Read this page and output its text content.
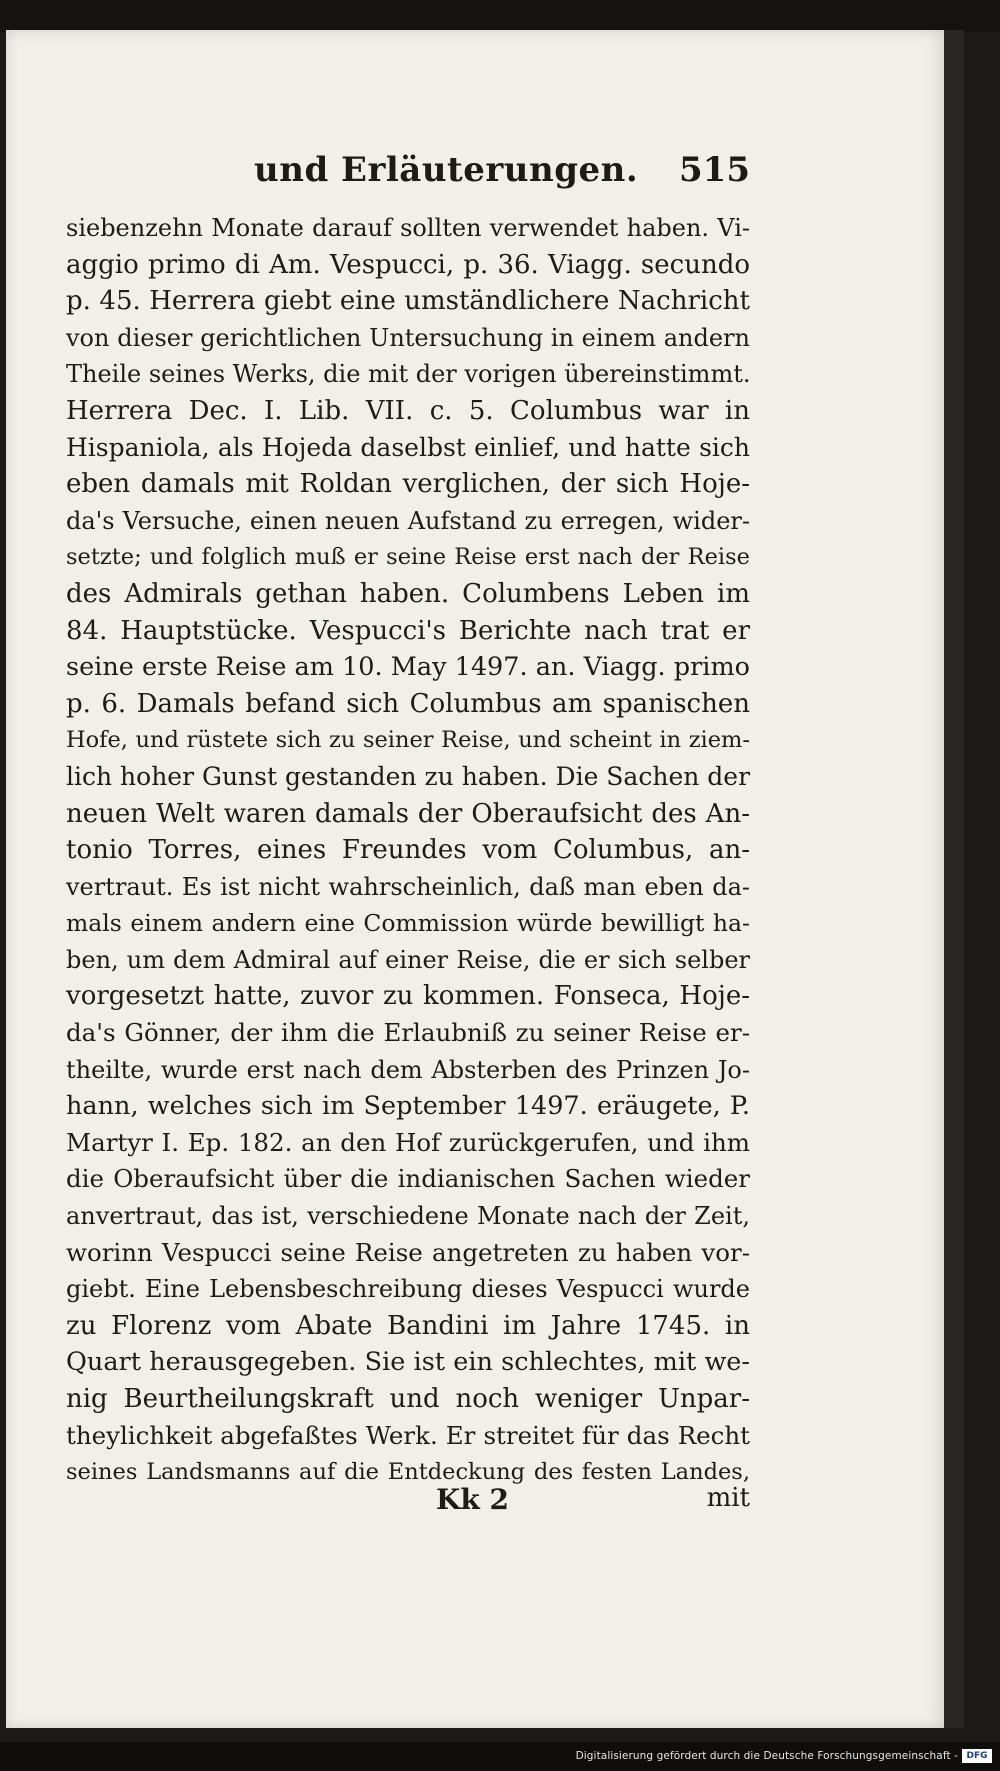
und Erläuterungen. 515
siebenzehn Monate darauf sollten verwendet haben. Vi-
aggio primo di Am. Vespucci, p. 36. Viagg. secundo
p. 45. Herrera giebt eine umständlichere Nachricht
von dieser gerichtlichen Untersuchung in einem andern
Theile seines Werks, die mit der vorigen übereinstimmt.
Herrera Dec. I. Lib. VII. c. 5. Columbus war in
Hispaniola, als Hojeda daselbst einlief, und hatte sich
eben damals mit Roldan verglichen, der sich Hoje-
da's Versuche, einen neuen Aufstand zu erregen, wider-
setzte; und folglich muß er seine Reise erst nach der Reise
des Admirals gethan haben. Columbens Leben im
84. Hauptstücke. Vespucci's Berichte nach trat er
seine erste Reise am 10. May 1497. an. Viagg. primo
p. 6. Damals befand sich Columbus am spanischen
Hofe, und rüstete sich zu seiner Reise, und scheint in ziem-
lich hoher Gunst gestanden zu haben. Die Sachen der
neuen Welt waren damals der Oberaufsicht des An-
tonio Torres, eines Freundes vom Columbus, an-
vertraut. Es ist nicht wahrscheinlich, daß man eben da-
mals einem andern eine Commission würde bewilligt ha-
ben, um dem Admiral auf einer Reise, die er sich selber
vorgesetzt hatte, zuvor zu kommen. Fonseca, Hoje-
da's Gönner, der ihm die Erlaubniß zu seiner Reise er-
theilte, wurde erst nach dem Absterben des Prinzen Jo-
hann, welches sich im September 1497. eräugete, P.
Martyr I. Ep. 182. an den Hof zurückgerufen, und ihm
die Oberaufsicht über die indianischen Sachen wieder
anvertraut, das ist, verschiedene Monate nach der Zeit,
worinn Vespucci seine Reise angetreten zu haben vor-
giebt. Eine Lebensbeschreibung dieses Vespucci wurde
zu Florenz vom Abate Bandini im Jahre 1745. in
Quart herausgegeben. Sie ist ein schlechtes, mit we-
nig Beurtheilungskraft und noch weniger Unpar-
theylichkeit abgefaßtes Werk. Er streitet für das Recht
seines Landsmanns auf die Entdeckung des festen Landes,
Kk 2	mit
Digitalisierung gefördert durch die Deutsche Forschungsgemeinschaft - DFG
